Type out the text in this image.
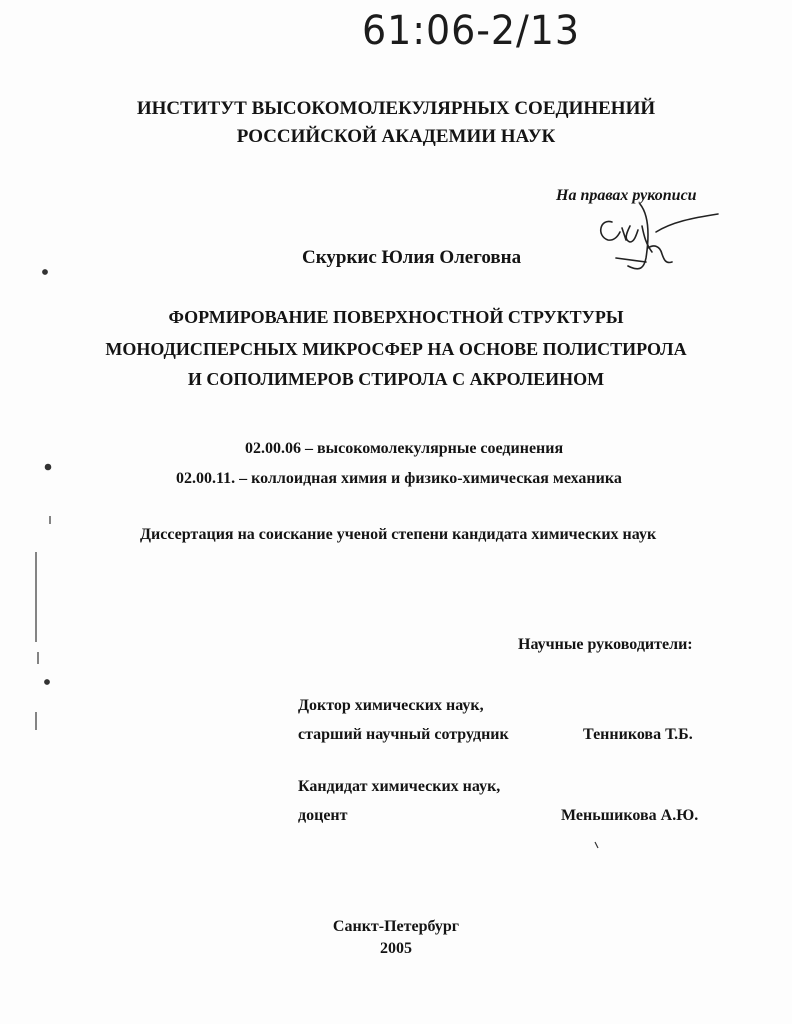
61:06-2/13
ИНСТИТУТ ВЫСОКОМОЛЕКУЛЯРНЫХ СОЕДИНЕНИЙ
РОССИЙСКОЙ АКАДЕМИИ НАУК
На правах рукописи
Скуркис Юлия Олеговна
ФОРМИРОВАНИЕ ПОВЕРХНОСТНОЙ СТРУКТУРЫ
МОНОДИСПЕРСНЫХ МИКРОСФЕР НА ОСНОВЕ ПОЛИСТИРОЛА
И СОПОЛИМЕРОВ СТИРОЛА С АКРОЛЕИНОМ
02.00.06 – высокомолекулярные соединения
02.00.11. – коллоидная химия и физико-химическая механика
Диссертация на соискание ученой степени кандидата химических наук
Научные руководители:
Доктор химических наук,
старший научный сотрудник	Тенникова Т.Б.
Кандидат химических наук,
доцент	Меньшикова А.Ю.
Санкт-Петербург
2005
